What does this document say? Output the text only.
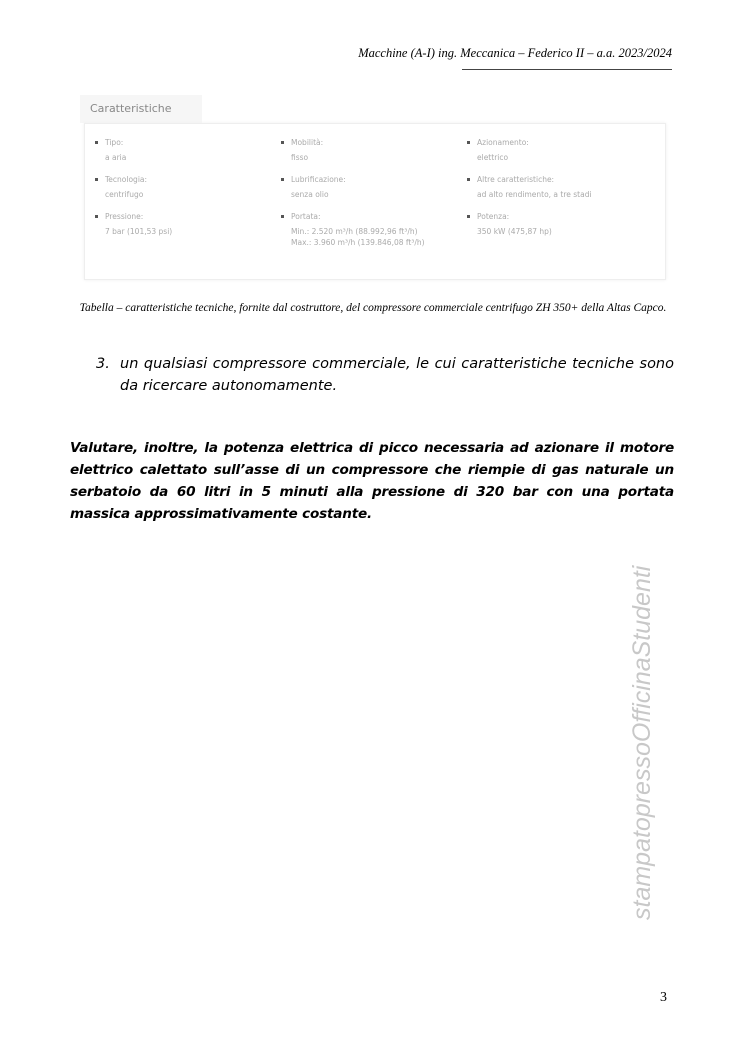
Macchine (A-I) ing. Meccanica – Federico II – a.a. 2023/2024
Caratteristiche
Tipo:
a aria
Tecnologia:
centrifugo
Pressione:
7 bar (101,53 psi)
Mobilità:
fisso
Lubrificazione:
senza olio
Portata:
Min.: 2.520 m³/h (88.992,96 ft³/h)
Max.: 3.960 m³/h (139.846,08 ft³/h)
Azionamento:
elettrico
Altre caratteristiche:
ad alto rendimento, a tre stadi
Potenza:
350 kW (475,87 hp)
Tabella – caratteristiche tecniche, fornite dal costruttore, del compressore commerciale centrifugo ZH 350+ della Altas Capco.
3. un qualsiasi compressore commerciale, le cui caratteristiche tecniche sono da ricercare autonomamente.
Valutare, inoltre, la potenza elettrica di picco necessaria ad azionare il motore elettrico calettato sull’asse di un compressore che riempie di gas naturale un serbatoio da 60 litri in 5 minuti alla pressione di 320 bar con una portata massica approssimativamente costante.
stampatopressoOfficinaStudenti
3
